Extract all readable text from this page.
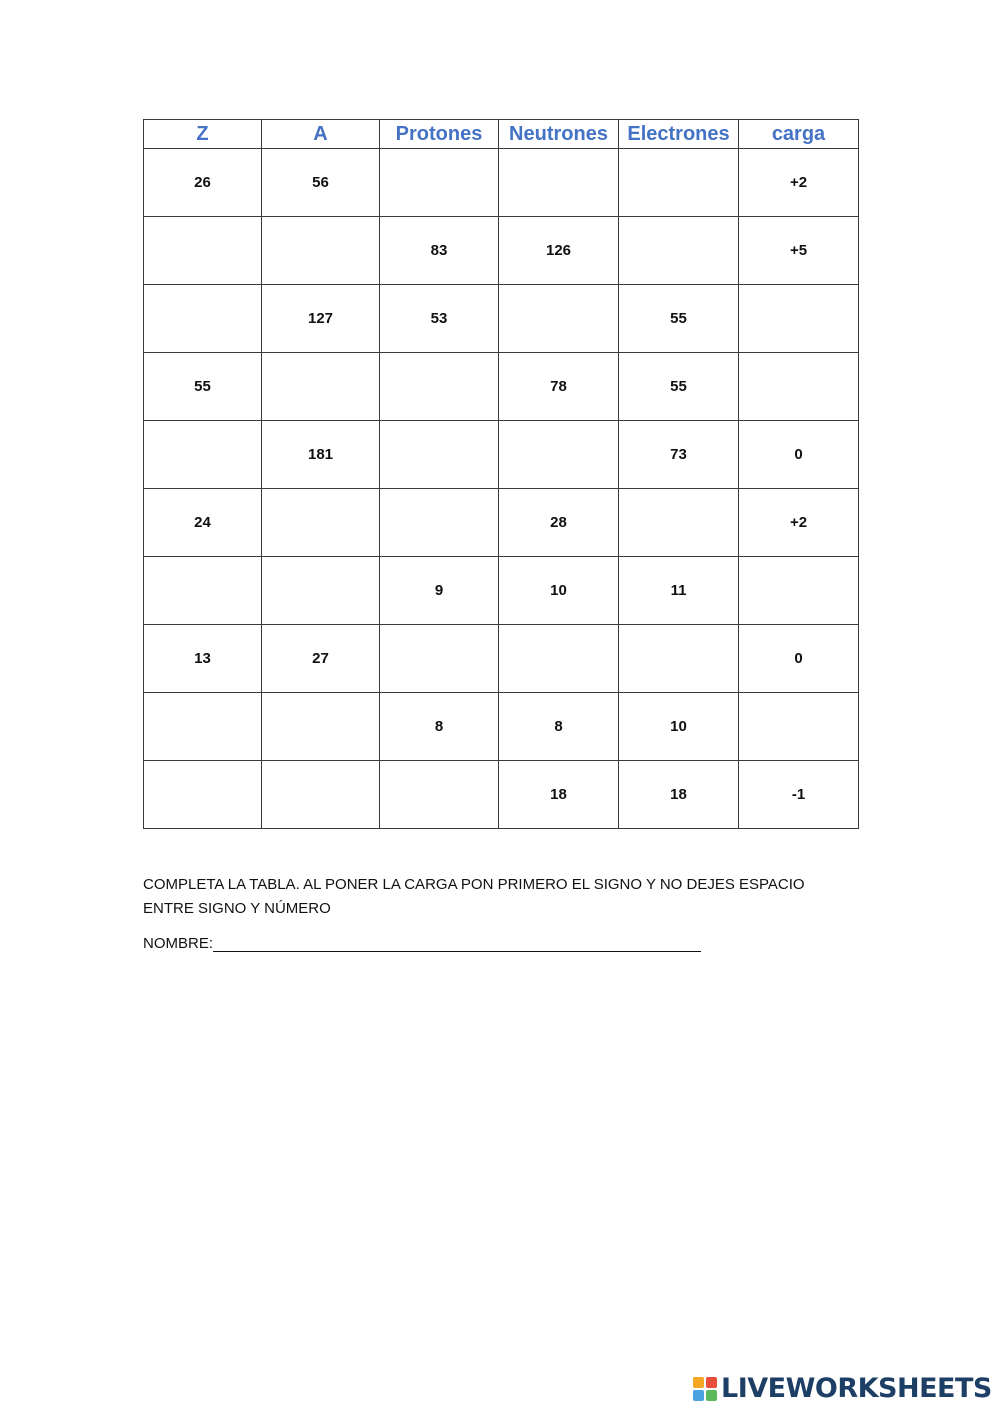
Z	A	Protones	Neutrones	Electrones	carga
26	56				+2
		83	126		+5
	127	53		55	
55			78	55	
	181			73	0
24			28		+2
		9	10	11	
13	27				0
		8	8	10	
			18	18	-1
COMPLETA LA TABLA. AL PONER LA CARGA PON PRIMERO EL SIGNO Y NO DEJES ESPACIO
ENTRE SIGNO Y NÚMERO
NOMBRE:
LIVEWORKSHEETS
